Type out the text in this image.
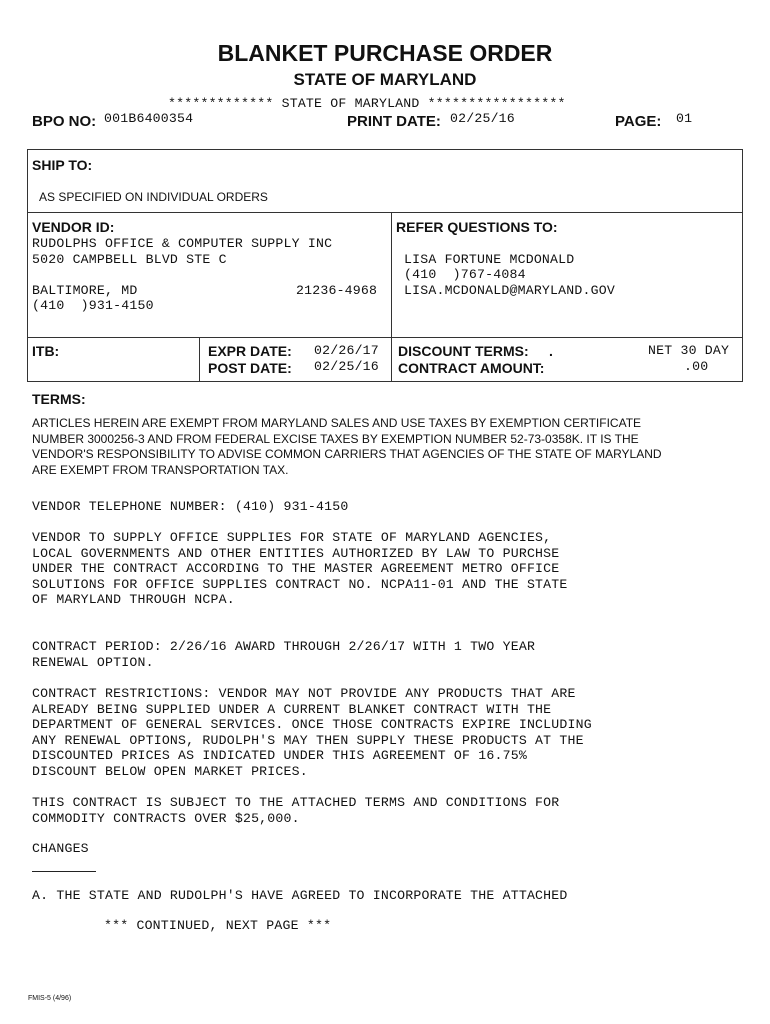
BLANKET PURCHASE ORDER
STATE OF MARYLAND
************* STATE OF MARYLAND *****************
BPO NO: 001B6400354	PRINT DATE: 02/25/16	PAGE: 01
SHIP TO:
AS SPECIFIED ON INDIVIDUAL ORDERS
VENDOR ID:
RUDOLPHS OFFICE & COMPUTER SUPPLY INC
5020 CAMPBELL BLVD STE C
BALTIMORE, MD	21236-4968
(410  )931-4150
REFER QUESTIONS TO:
LISA FORTUNE MCDONALD
(410  )767-4084
LISA.MCDONALD@MARYLAND.GOV
ITB:	EXPR DATE: 02/26/17
POST DATE: 02/25/16
DISCOUNT TERMS: .	NET 30 DAY
CONTRACT AMOUNT:	.00
TERMS:
ARTICLES HEREIN ARE EXEMPT FROM MARYLAND SALES AND USE TAXES BY EXEMPTION CERTIFICATE
NUMBER 3000256-3 AND FROM FEDERAL EXCISE TAXES BY EXEMPTION NUMBER 52-73-0358K. IT IS THE
VENDOR'S RESPONSIBILITY TO ADVISE COMMON CARRIERS THAT AGENCIES OF THE STATE OF MARYLAND
ARE EXEMPT FROM TRANSPORTATION TAX.
VENDOR TELEPHONE NUMBER: (410) 931-4150
VENDOR TO SUPPLY OFFICE SUPPLIES FOR STATE OF MARYLAND AGENCIES,
LOCAL GOVERNMENTS AND OTHER ENTITIES AUTHORIZED BY LAW TO PURCHSE
UNDER THE CONTRACT ACCORDING TO THE MASTER AGREEMENT METRO OFFICE
SOLUTIONS FOR OFFICE SUPPLIES CONTRACT NO. NCPA11-01 AND THE STATE
OF MARYLAND THROUGH NCPA.
CONTRACT PERIOD: 2/26/16 AWARD THROUGH 2/26/17 WITH 1 TWO YEAR
RENEWAL OPTION.
CONTRACT RESTRICTIONS: VENDOR MAY NOT PROVIDE ANY PRODUCTS THAT ARE
ALREADY BEING SUPPLIED UNDER A CURRENT BLANKET CONTRACT WITH THE
DEPARTMENT OF GENERAL SERVICES. ONCE THOSE CONTRACTS EXPIRE INCLUDING
ANY RENEWAL OPTIONS, RUDOLPH'S MAY THEN SUPPLY THESE PRODUCTS AT THE
DISCOUNTED PRICES AS INDICATED UNDER THIS AGREEMENT OF 16.75%
DISCOUNT BELOW OPEN MARKET PRICES.
THIS CONTRACT IS SUBJECT TO THE ATTACHED TERMS AND CONDITIONS FOR
COMMODITY CONTRACTS OVER $25,000.
CHANGES
A. THE STATE AND RUDOLPH'S HAVE AGREED TO INCORPORATE THE ATTACHED
*** CONTINUED, NEXT PAGE ***
FMIS-5 (4/96)
